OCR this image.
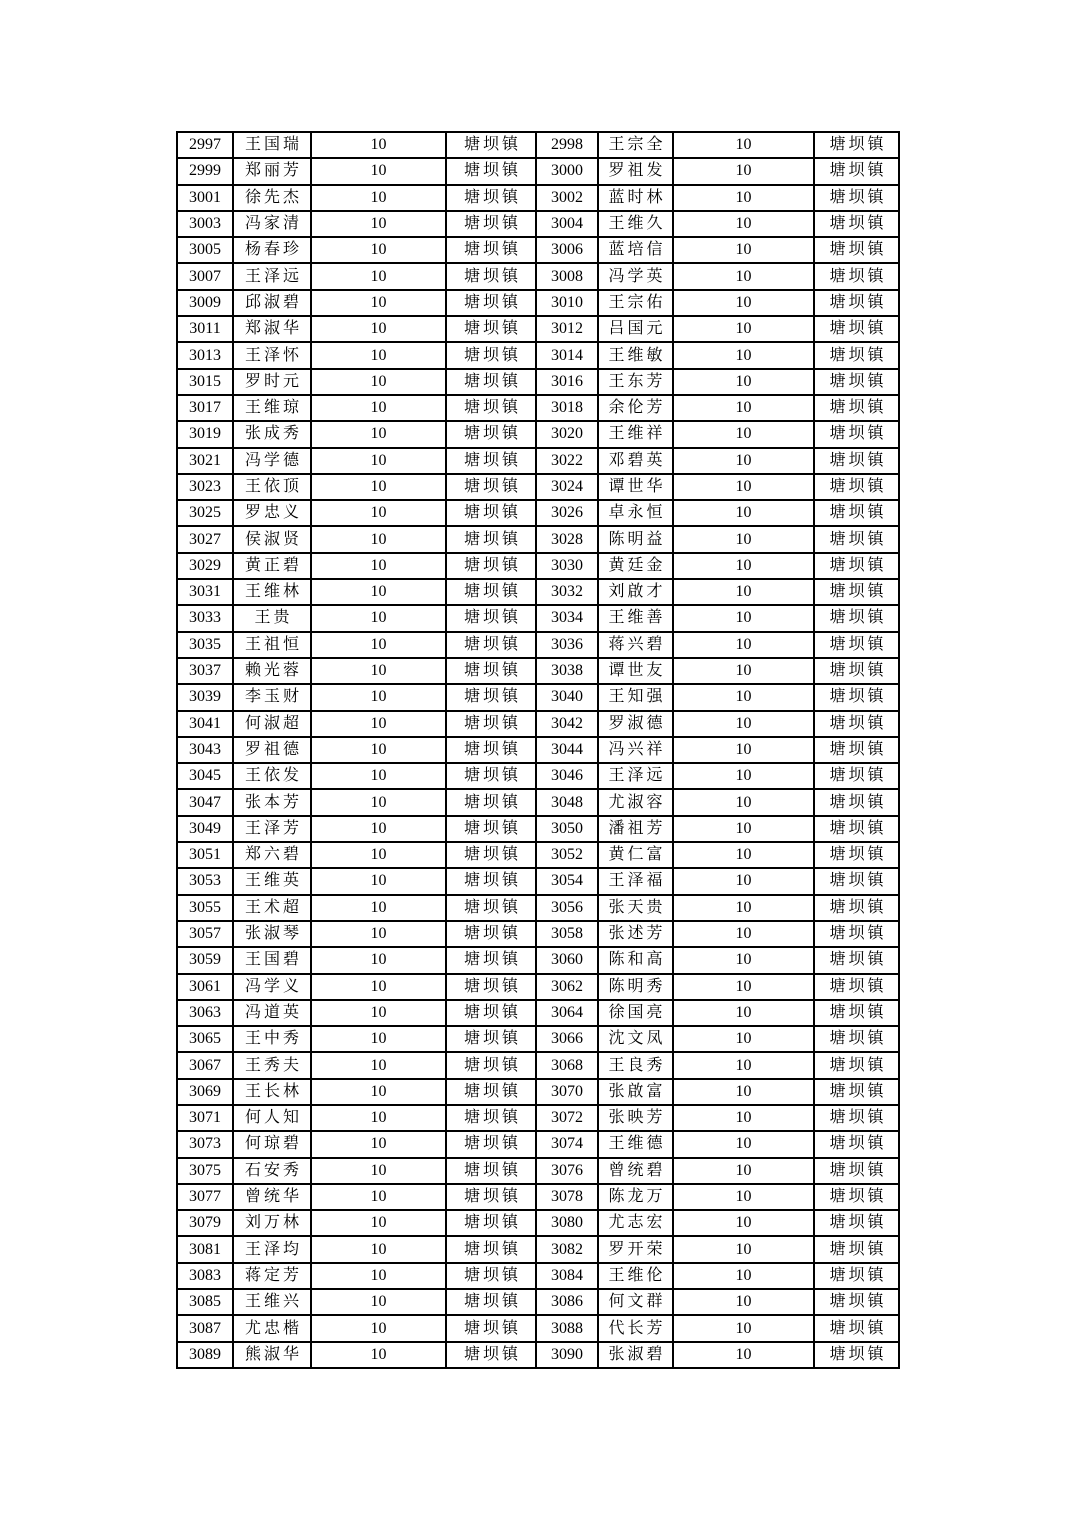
2997	王国瑞	10	塘坝镇	2998	王宗全	10	塘坝镇
2999	郑丽芳	10	塘坝镇	3000	罗祖发	10	塘坝镇
3001	徐先杰	10	塘坝镇	3002	蓝时林	10	塘坝镇
3003	冯家清	10	塘坝镇	3004	王维久	10	塘坝镇
3005	杨春珍	10	塘坝镇	3006	蓝培信	10	塘坝镇
3007	王泽远	10	塘坝镇	3008	冯学英	10	塘坝镇
3009	邱淑碧	10	塘坝镇	3010	王宗佑	10	塘坝镇
3011	郑淑华	10	塘坝镇	3012	吕国元	10	塘坝镇
3013	王泽怀	10	塘坝镇	3014	王维敏	10	塘坝镇
3015	罗时元	10	塘坝镇	3016	王东芳	10	塘坝镇
3017	王维琼	10	塘坝镇	3018	余伦芳	10	塘坝镇
3019	张成秀	10	塘坝镇	3020	王维祥	10	塘坝镇
3021	冯学德	10	塘坝镇	3022	邓碧英	10	塘坝镇
3023	王依顶	10	塘坝镇	3024	谭世华	10	塘坝镇
3025	罗忠义	10	塘坝镇	3026	卓永恒	10	塘坝镇
3027	侯淑贤	10	塘坝镇	3028	陈明益	10	塘坝镇
3029	黄正碧	10	塘坝镇	3030	黄廷金	10	塘坝镇
3031	王维林	10	塘坝镇	3032	刘啟才	10	塘坝镇
3033	王贵	10	塘坝镇	3034	王维善	10	塘坝镇
3035	王祖恒	10	塘坝镇	3036	蒋兴碧	10	塘坝镇
3037	赖光蓉	10	塘坝镇	3038	谭世友	10	塘坝镇
3039	李玉财	10	塘坝镇	3040	王知强	10	塘坝镇
3041	何淑超	10	塘坝镇	3042	罗淑德	10	塘坝镇
3043	罗祖德	10	塘坝镇	3044	冯兴祥	10	塘坝镇
3045	王依发	10	塘坝镇	3046	王泽远	10	塘坝镇
3047	张本芳	10	塘坝镇	3048	尤淑容	10	塘坝镇
3049	王泽芳	10	塘坝镇	3050	潘祖芳	10	塘坝镇
3051	郑六碧	10	塘坝镇	3052	黄仁富	10	塘坝镇
3053	王维英	10	塘坝镇	3054	王泽福	10	塘坝镇
3055	王术超	10	塘坝镇	3056	张天贵	10	塘坝镇
3057	张淑琴	10	塘坝镇	3058	张述芳	10	塘坝镇
3059	王国碧	10	塘坝镇	3060	陈和高	10	塘坝镇
3061	冯学义	10	塘坝镇	3062	陈明秀	10	塘坝镇
3063	冯道英	10	塘坝镇	3064	徐国亮	10	塘坝镇
3065	王中秀	10	塘坝镇	3066	沈文凤	10	塘坝镇
3067	王秀夫	10	塘坝镇	3068	王良秀	10	塘坝镇
3069	王长林	10	塘坝镇	3070	张啟富	10	塘坝镇
3071	何人知	10	塘坝镇	3072	张映芳	10	塘坝镇
3073	何琼碧	10	塘坝镇	3074	王维德	10	塘坝镇
3075	石安秀	10	塘坝镇	3076	曾统碧	10	塘坝镇
3077	曾统华	10	塘坝镇	3078	陈龙万	10	塘坝镇
3079	刘万林	10	塘坝镇	3080	尤志宏	10	塘坝镇
3081	王泽均	10	塘坝镇	3082	罗开荣	10	塘坝镇
3083	蒋定芳	10	塘坝镇	3084	王维伦	10	塘坝镇
3085	王维兴	10	塘坝镇	3086	何文群	10	塘坝镇
3087	尤忠楷	10	塘坝镇	3088	代长芳	10	塘坝镇
3089	熊淑华	10	塘坝镇	3090	张淑碧	10	塘坝镇
